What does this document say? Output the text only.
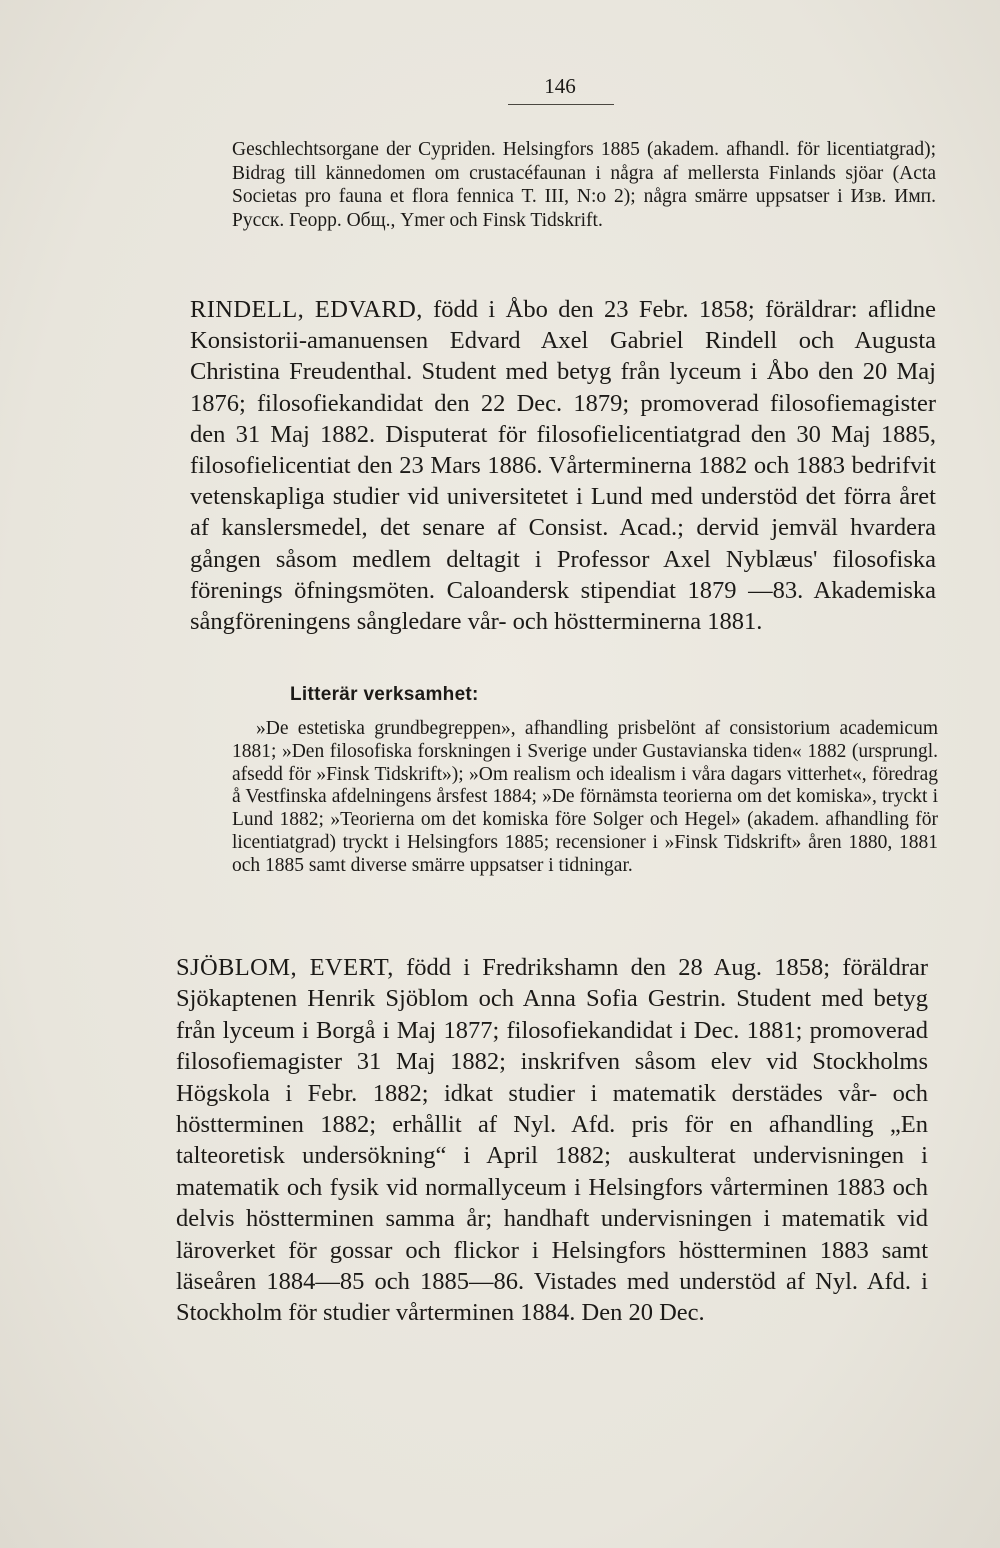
146

Geschlechtsorgane der Cypriden. Helsingfors 1885 (akadem. afhandl. för licentiatgrad); Bidrag till kännedomen om crustacéfaunan i några af mellersta Finlands sjöar (Acta Societas pro fauna et flora fennica T. III, N:o 2); några smärre uppsatser i Изв. Имп. Русск. Георр. Общ., Ymer och Finsk Tidskrift.

RINDELL, EDVARD, född i Åbo den 23 Febr. 1858; föräldrar: aflidne Konsistorii-amanuensen Edvard Axel Gabriel Rindell och Augusta Christina Freudenthal. Student med betyg från lyceum i Åbo den 20 Maj 1876; filosofiekandidat den 22 Dec. 1879; promoverad filosofiemagister den 31 Maj 1882. Disputerat för filosofielicentiatgrad den 30 Maj 1885, filosofielicentiat den 23 Mars 1886. Vårterminerna 1882 och 1883 bedrifvit vetenskapliga studier vid universitetet i Lund med understöd det förra året af kanslersmedel, det senare af Consist. Acad.; dervid jemväl hvardera gången såsom medlem deltagit i Professor Axel Nyblæus' filosofiska förenings öfningsmöten. Caloandersk stipendiat 1879 —83. Akademiska sångföreningens sångledare vår- och höstterminerna 1881.
Litterär verksamhet:

»De estetiska grundbegreppen», afhandling prisbelönt af consistorium academicum 1881; »Den filosofiska forskningen i Sverige under Gustavianska tiden« 1882 (ursprungl. afsedd för »Finsk Tidskrift»); »Om realism och idealism i våra dagars vitterhet«, föredrag å Vestfinska afdelningens årsfest 1884; »De förnämsta teorierna om det komiska», tryckt i Lund 1882; »Teorierna om det komiska före Solger och Hegel» (akadem. afhandling för licentiatgrad) tryckt i Helsingfors 1885; recensioner i »Finsk Tidskrift» åren 1880, 1881 och 1885 samt diverse smärre uppsatser i tidningar.

SJÖBLOM, EVERT, född i Fredrikshamn den 28 Aug. 1858; föräldrar Sjökaptenen Henrik Sjöblom och Anna Sofia Gestrin. Student med betyg från lyceum i Borgå i Maj 1877; filosofiekandidat i Dec. 1881; promoverad filosofiemagister 31 Maj 1882; inskrifven såsom elev vid Stockholms Högskola i Febr. 1882; idkat studier i matematik derstädes vår- och höstterminen 1882; erhållit af Nyl. Afd. pris för en afhandling „En talteoretisk undersökning“ i April 1882; auskulterat undervisningen i matematik och fysik vid normallyceum i Helsingfors vårterminen 1883 och delvis höstterminen samma år; handhaft undervisningen i matematik vid läroverket för gossar och flickor i Helsingfors höstterminen 1883 samt läseåren 1884—85 och 1885—86. Vistades med understöd af Nyl. Afd. i Stockholm för studier vårterminen 1884. Den 20 Dec.
